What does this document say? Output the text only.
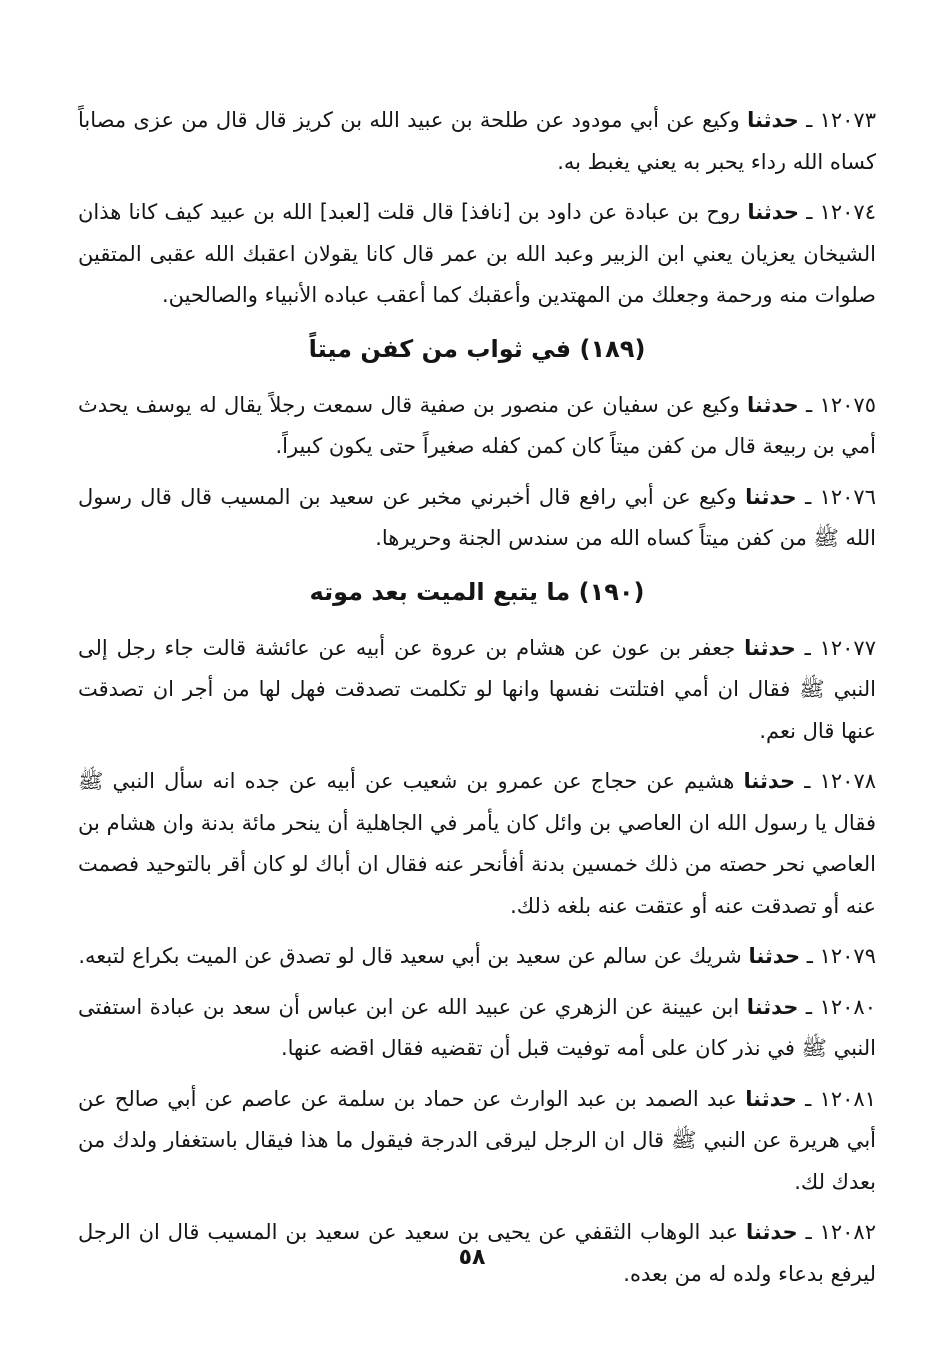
١٢٠٧٣ ـ حدثنا وكيع عن أبي مودود عن طلحة بن عبيد الله بن كريز قال قال من عزى مصاباً كساه الله رداء يحبر به يعني يغبط به.

١٢٠٧٤ ـ حدثنا روح بن عبادة عن داود بن [نافذ] قال قلت [لعبد] الله بن عبيد كيف كانا هذان الشيخان يعزيان يعني ابن الزبير وعبد الله بن عمر قال كانا يقولان اعقبك الله عقبى المتقين صلوات منه ورحمة وجعلك من المهتدين وأعقبك كما أعقب عباده الأنبياء والصالحين.

(١٨٩) في ثواب من كفن ميتاً

١٢٠٧٥ ـ حدثنا وكيع عن سفيان عن منصور بن صفية قال سمعت رجلاً يقال له يوسف يحدث أمي بن ربيعة قال من كفن ميتاً كان كمن كفله صغيراً حتى يكون كبيراً.

١٢٠٧٦ ـ حدثنا وكيع عن أبي رافع قال أخبرني مخبر عن سعيد بن المسيب قال قال رسول الله ﷺ من كفن ميتاً كساه الله من سندس الجنة وحريرها.

(١٩٠) ما يتبع الميت بعد موته

١٢٠٧٧ ـ حدثنا جعفر بن عون عن هشام بن عروة عن أبيه عن عائشة قالت جاء رجل إلى النبي ﷺ فقال ان أمي افتلتت نفسها وانها لو تكلمت تصدقت فهل لها من أجر ان تصدقت عنها قال نعم.

١٢٠٧٨ ـ حدثنا هشيم عن حجاج عن عمرو بن شعيب عن أبيه عن جده انه سأل النبي ﷺ فقال يا رسول الله ان العاصي بن وائل كان يأمر في الجاهلية أن ينحر مائة بدنة وان هشام بن العاصي نحر حصته من ذلك خمسين بدنة أفأنحر عنه فقال ان أباك لو كان أقر بالتوحيد فصمت عنه أو تصدقت عنه أو عتقت عنه بلغه ذلك.

١٢٠٧٩ ـ حدثنا شريك عن سالم عن سعيد بن أبي سعيد قال لو تصدق عن الميت بكراع لتبعه.

١٢٠٨٠ ـ حدثنا ابن عيينة عن الزهري عن عبيد الله عن ابن عباس أن سعد بن عبادة استفتى النبي ﷺ في نذر كان على أمه توفيت قبل أن تقضيه فقال اقضه عنها.

١٢٠٨١ ـ حدثنا عبد الصمد بن عبد الوارث عن حماد بن سلمة عن عاصم عن أبي صالح عن أبي هريرة عن النبي ﷺ قال ان الرجل ليرقى الدرجة فيقول ما هذا فيقال باستغفار ولدك من بعدك لك.

١٢٠٨٢ ـ حدثنا عبد الوهاب الثقفي عن يحيى بن سعيد عن سعيد بن المسيب قال ان الرجل ليرفع بدعاء ولده له من بعده.

٥٨
